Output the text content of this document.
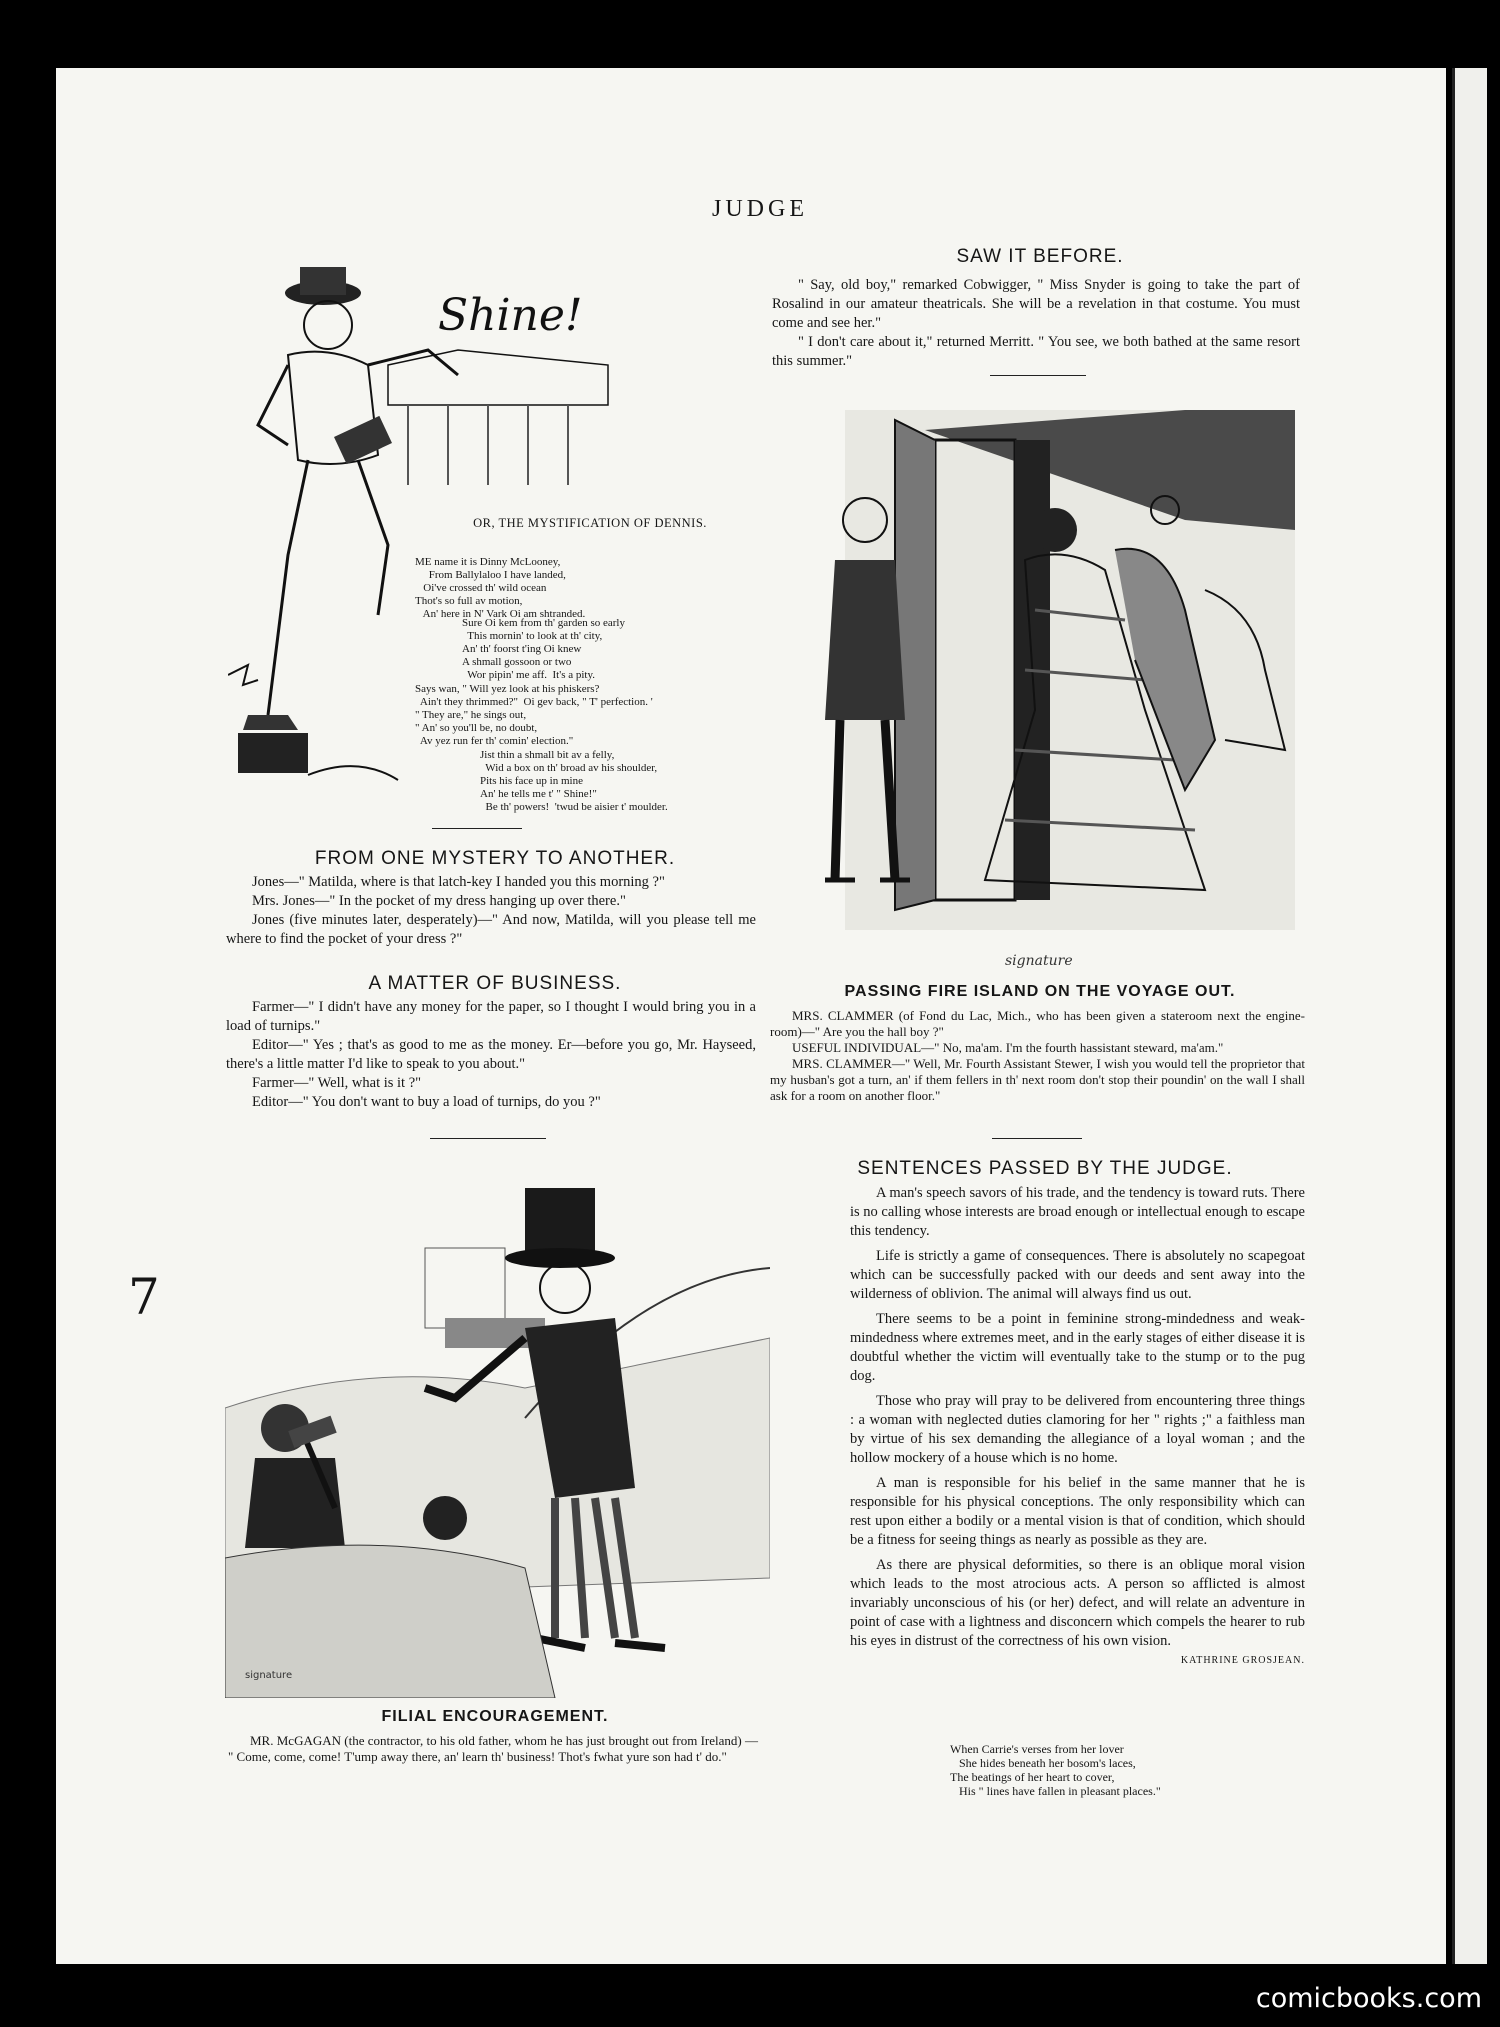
JUDGE
Shine!
OR, THE MYSTIFICATION OF DENNIS.
ME name it is Dinny McLooney,
From Ballylaloo I have landed,
Oi've crossed th' wild ocean
Thot's so full av motion,
An' here in N' Vark Oi am shtranded.
Sure Oi kem from th' garden so early
This mornin' to look at th' city,
An' th' foorst t'ing Oi knew
A shmall gossoon or two
Wor pipin' me aff.  It's a pity.
Says wan, " Will yez look at his phiskers?
Ain't they thrimmed?"  Oi gev back, " T' perfection. '
" They are," he sings out,
" An' so you'll be, no doubt,
Av yez run fer th' comin' election."
Jist thin a shmall bit av a felly,
Wid a box on th' broad av his shoulder,
Pits his face up in mine
An' he tells me t' " Shine!"
Be th' powers!  'twud be aisier t' moulder.
SAW IT BEFORE.

" Say, old boy," remarked Cobwigger, " Miss Snyder is going to take the part of Rosalind in our amateur theatricals. She will be a revelation in that costume. You must come and see her."

" I don't care about it," returned Merritt. " You see, we both bathed at the same resort this summer."

signature
PASSING FIRE ISLAND ON THE VOYAGE OUT.

MRS. CLAMMER (of Fond du Lac, Mich., who has been given a stateroom next the engine-room)—" Are you the hall boy ?"

USEFUL INDIVIDUAL—" No, ma'am. I'm the fourth hassistant steward, ma'am."

MRS. CLAMMER—" Well, Mr. Fourth Assistant Stewer, I wish you would tell the proprietor that my husban's got a turn, an' if them fellers in th' next room don't stop their poundin' on the wall I shall ask for a room on another floor."

FROM ONE MYSTERY TO ANOTHER.

Jones—" Matilda, where is that latch-key I handed you this morning ?"

Mrs. Jones—" In the pocket of my dress hanging up over there."

Jones (five minutes later, desperately)—" And now, Matilda, will you please tell me where to find the pocket of your dress ?"

A MATTER OF BUSINESS.

Farmer—" I didn't have any money for the paper, so I thought I would bring you in a load of turnips."

Editor—" Yes ; that's as good to me as the money. Er—before you go, Mr. Hayseed, there's a little matter I'd like to speak to you about."

Farmer—" Well, what is it ?"

Editor—" You don't want to buy a load of turnips, do you ?"

signature
FILIAL ENCOURAGEMENT.

MR. McGAGAN (the contractor, to his old father, whom he has just brought out from Ireland) — " Come, come, come! T'ump away there, an' learn th' business! Thot's fwhat yure son had t' do."

SENTENCES PASSED BY THE JUDGE.

A man's speech savors of his trade, and the tendency is toward ruts. There is no calling whose interests are broad enough or intellectual enough to escape this tendency.

Life is strictly a game of consequences. There is absolutely no scapegoat which can be successfully packed with our deeds and sent away into the wilderness of oblivion. The animal will always find us out.

There seems to be a point in feminine strong-mindedness and weak-mindedness where extremes meet, and in the early stages of either disease it is doubtful whether the victim will eventually take to the stump or to the pug dog.

Those who pray will pray to be delivered from encountering three things : a woman with neglected duties clamoring for her " rights ;" a faithless man by virtue of his sex demanding the allegiance of a loyal woman ; and the hollow mockery of a house which is no home.

A man is responsible for his belief in the same manner that he is responsible for his physical conceptions. The only responsibility which can rest upon either a bodily or a mental vision is that of condition, which should be a fitness for seeing things as nearly as possible as they are.

As there are physical deformities, so there is an oblique moral vision which leads to the most atrocious acts. A person so afflicted is almost invariably unconscious of his (or her) defect, and will relate an adventure in point of case with a lightness and disconcern which compels the hearer to rub his eyes in distrust of the correctness of his own vision.

KATHRINE GROSJEAN.
When Carrie's verses from her lover
She hides beneath her bosom's laces,
The beatings of her heart to cover,
His " lines have fallen in pleasant places."
7
comicbooks.com
